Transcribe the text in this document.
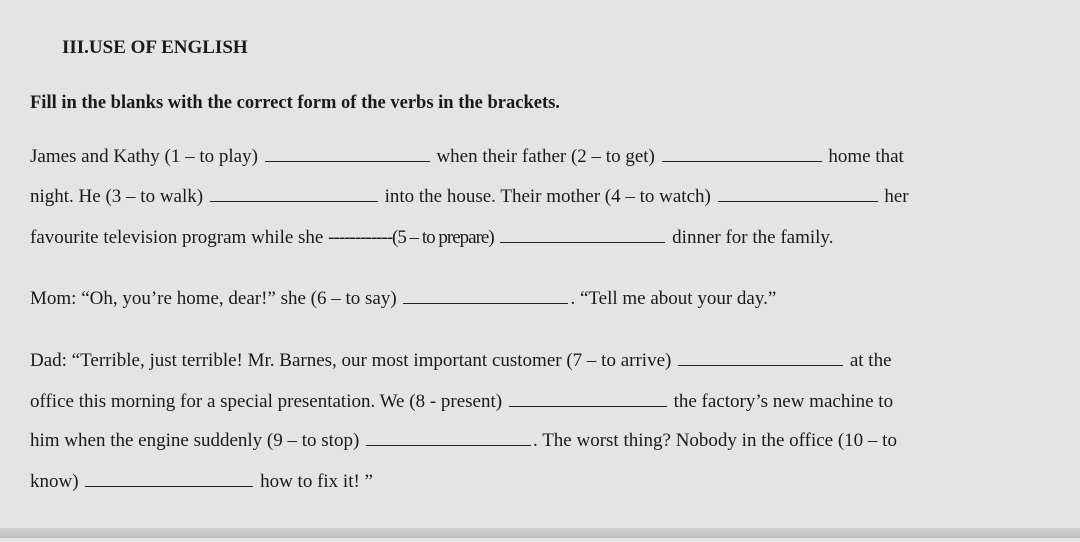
III.USE OF ENGLISH
Fill in the blanks with the correct form of the verbs in the brackets.
James and Kathy (1 – to play)	when their father (2 – to get)	home that
night. He (3 – to walk)	into the house. Their mother (4 – to watch)	her
favourite television program while she ------------(5 – to prepare)	dinner for the family.
Mom: “Oh, you’re home, dear!” she (6 – to say)	. “Tell me about your day.”
Dad: “Terrible, just terrible! Mr. Barnes, our most important customer (7 – to arrive)	at the
office this morning for a special presentation. We (8 - present)	the factory’s new machine to
him when the engine suddenly (9 – to stop)	. The worst thing? Nobody in the office (10 – to
know)	how to fix it! ”
